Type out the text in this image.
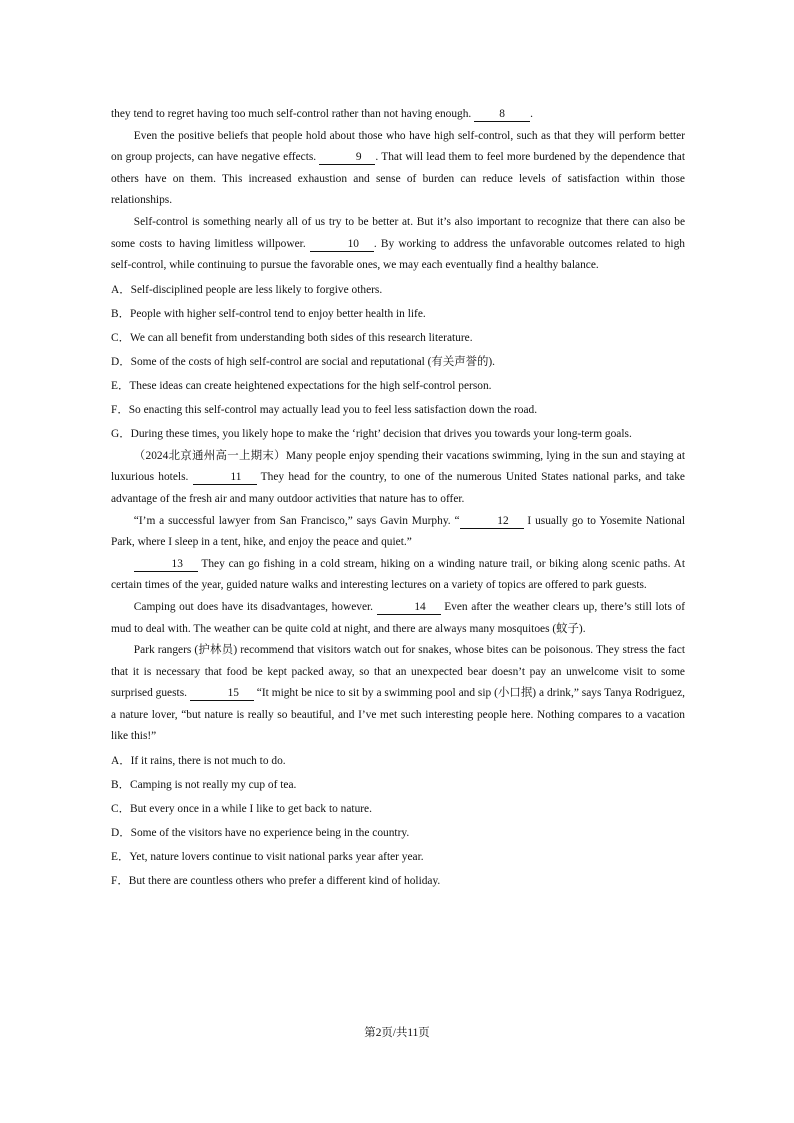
they tend to regret having too much self-control rather than not having enough. 8 .

Even the positive beliefs that people hold about those who have high self-control, such as that they will perform better on group projects, can have negative effects.	9 . That will lead them to feel more burdened by the dependence that others have on them. This increased exhaustion and sense of burden can reduce levels of satisfaction within those relationships.

Self-control is something nearly all of us try to be better at. But it’s also important to recognize that there can also be some costs to having limitless willpower.	10 . By working to address the unfavorable outcomes related to high self-control, while continuing to pursue the favorable ones, we may each eventually find a healthy balance.

A．Self-disciplined people are less likely to forgive others.

B．People with higher self-control tend to enjoy better health in life.

C．We can all benefit from understanding both sides of this research literature.

D．Some of the costs of high self-control are social and reputational (有关声誉的).

E．These ideas can create heightened expectations for the high self-control person.

F．So enacting this self-control may actually lead you to feel less satisfaction down the road.

G．During these times, you likely hope to make the ‘right’ decision that drives you towards your long-term goals.

（2024北京通州高一上期末）Many people enjoy spending their vacations swimming, lying in the sun and staying at luxurious hotels.	11 They head for the country, to one of the numerous United States national parks, and take advantage of the fresh air and many outdoor activities that nature has to offer.

“I’m a successful lawyer from San Francisco,” says Gavin Murphy. “	12 I usually go to Yosemite National Park, where I sleep in a tent, hike, and enjoy the peace and quiet.”

13 They can go fishing in a cold stream, hiking on a winding nature trail, or biking along scenic paths. At certain times of the year, guided nature walks and interesting lectures on a variety of topics are offered to park guests.

Camping out does have its disadvantages, however.	14 Even after the weather clears up, there’s still lots of mud to deal with. The weather can be quite cold at night, and there are always many mosquitoes (蚊子).

Park rangers (护林员) recommend that visitors watch out for snakes, whose bites can be poisonous. They stress the fact that it is necessary that food be kept packed away, so that an unexpected bear doesn’t pay an unwelcome visit to some surprised guests.	15 “It might be nice to sit by a swimming pool and sip (小口抿) a drink,” says Tanya Rodriguez, a nature lover, “but nature is really so beautiful, and I’ve met such interesting people here. Nothing compares to a vacation like this!”

A．If it rains, there is not much to do.

B．Camping is not really my cup of tea.

C．But every once in a while I like to get back to nature.

D．Some of the visitors have no experience being in the country.

E．Yet, nature lovers continue to visit national parks year after year.

F．But there are countless others who prefer a different kind of holiday.

第2页/共11页
